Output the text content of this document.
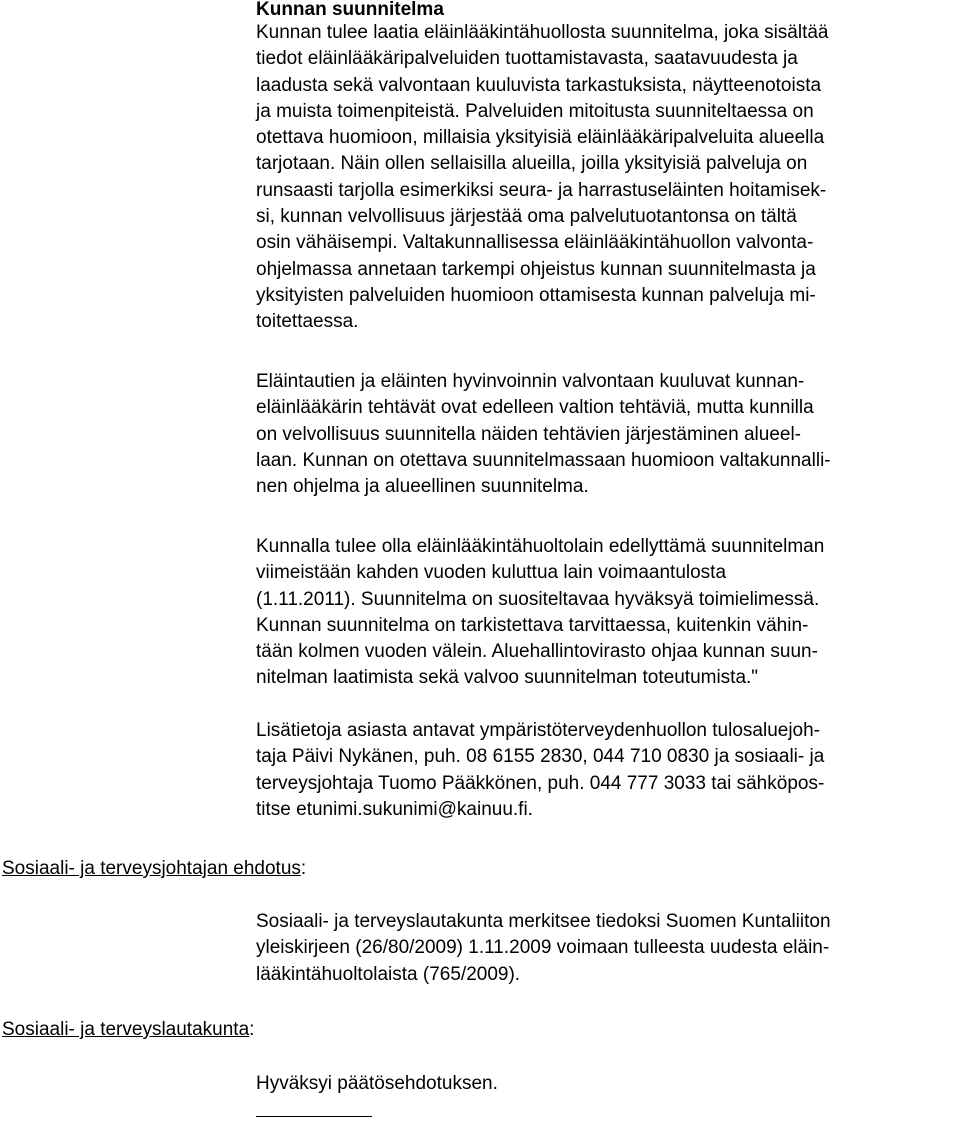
Kunnan suunnitelma
Kunnan tulee laatia eläinlääkintähuollosta suunnitelma, joka sisältää
tiedot eläinlääkäripalveluiden tuottamistavasta, saatavuudesta ja
laadusta sekä valvontaan kuuluvista tarkastuksista, näytteenotoista
ja muista toimenpiteistä. Palveluiden mitoitusta suunniteltaessa on
otettava huomioon, millaisia yksityisiä eläinlääkäripalveluita alueella
tarjotaan. Näin ollen sellaisilla alueilla, joilla yksityisiä palveluja on
runsaasti tarjolla esimerkiksi seura- ja harrastuseläinten hoitamisek-
si, kunnan velvollisuus järjestää oma palvelutuotantonsa on tältä
osin vähäisempi. Valtakunnallisessa eläinlääkintähuollon valvonta-
ohjelmassa annetaan tarkempi ohjeistus kunnan suunnitelmasta ja
yksityisten palveluiden huomioon ottamisesta kunnan palveluja mi-
toitettaessa.
Eläintautien ja eläinten hyvinvoinnin valvontaan kuuluvat kunnan-
eläinlääkärin tehtävät ovat edelleen valtion tehtäviä, mutta kunnilla
on velvollisuus suunnitella näiden tehtävien järjestäminen alueel-
laan. Kunnan on otettava suunnitelmassaan huomioon valtakunnalli-
nen ohjelma ja alueellinen suunnitelma.
Kunnalla tulee olla eläinlääkintähuoltolain edellyttämä suunnitelman
viimeistään kahden vuoden kuluttua lain voimaantulosta
(1.11.2011). Suunnitelma on suositeltavaa hyväksyä toimielimessä.
Kunnan suunnitelma on tarkistettava tarvittaessa, kuitenkin vähin-
tään kolmen vuoden välein. Aluehallintovirasto ohjaa kunnan suun-
nitelman laatimista sekä valvoo suunnitelman toteutumista."
Lisätietoja asiasta antavat ympäristöterveydenhuollon tulosaluejoh-
taja Päivi Nykänen, puh. 08 6155 2830, 044 710 0830 ja sosiaali- ja
terveysjohtaja Tuomo Pääkkönen, puh. 044 777 3033 tai sähköpos-
titse etunimi.sukunimi@kainuu.fi.
Sosiaali- ja terveysjohtajan ehdotus:
Sosiaali- ja terveyslautakunta merkitsee tiedoksi Suomen Kuntaliiton
yleiskirjeen (26/80/2009) 1.11.2009 voimaan tulleesta uudesta eläin-
lääkintähuoltolaista (765/2009).
Sosiaali- ja terveyslautakunta:
Hyväksyi päätösehdotuksen.
